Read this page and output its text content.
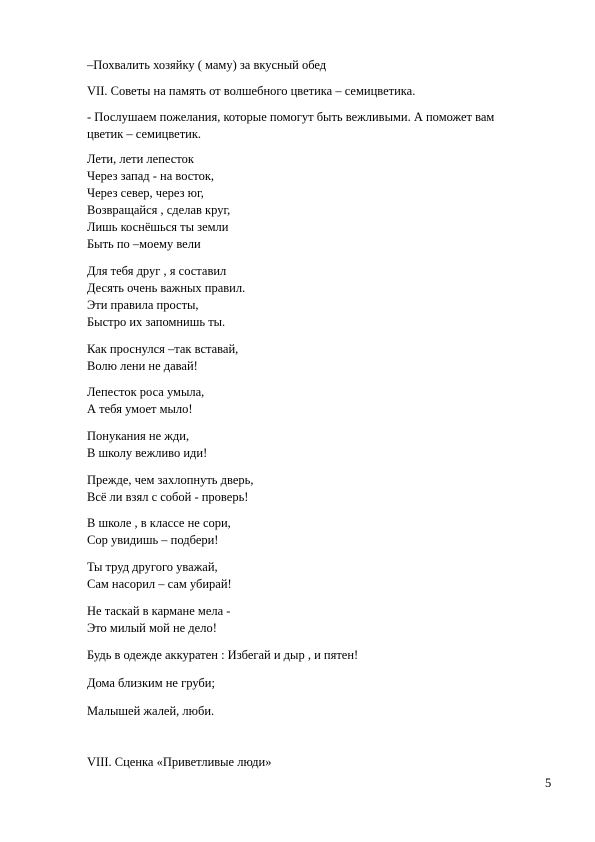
–Похвалить хозяйку ( маму) за вкусный обед
VII. Советы на память от волшебного цветика – семицветика.
- Послушаем пожелания, которые помогут быть вежливыми. А поможет вам
цветик – семицветик.
Лети, лети лепесток
Через запад - на восток,
Через север, через юг,
Возвращайся , сделав круг,
Лишь коснёшься ты земли
Быть по –моему вели
Для тебя друг , я составил
Десять очень важных правил.
Эти правила просты,
Быстро их запомнишь ты.
Как проснулся –так вставай,
Волю лени не давай!
Лепесток роса умыла,
А тебя умоет мыло!
Понукания не жди,
В школу вежливо иди!
Прежде, чем захлопнуть дверь,
Всё ли взял с собой - проверь!
В школе , в классе не сори,
Сор увидишь – подбери!
Ты труд другого уважай,
Сам насорил – сам убирай!
Не таскай в кармане мела -
Это милый мой не дело!
Будь в одежде аккуратен : Избегай и дыр , и пятен!
Дома близким не груби;
Малышей жалей, люби.
VIII. Сценка «Приветливые люди»
5
